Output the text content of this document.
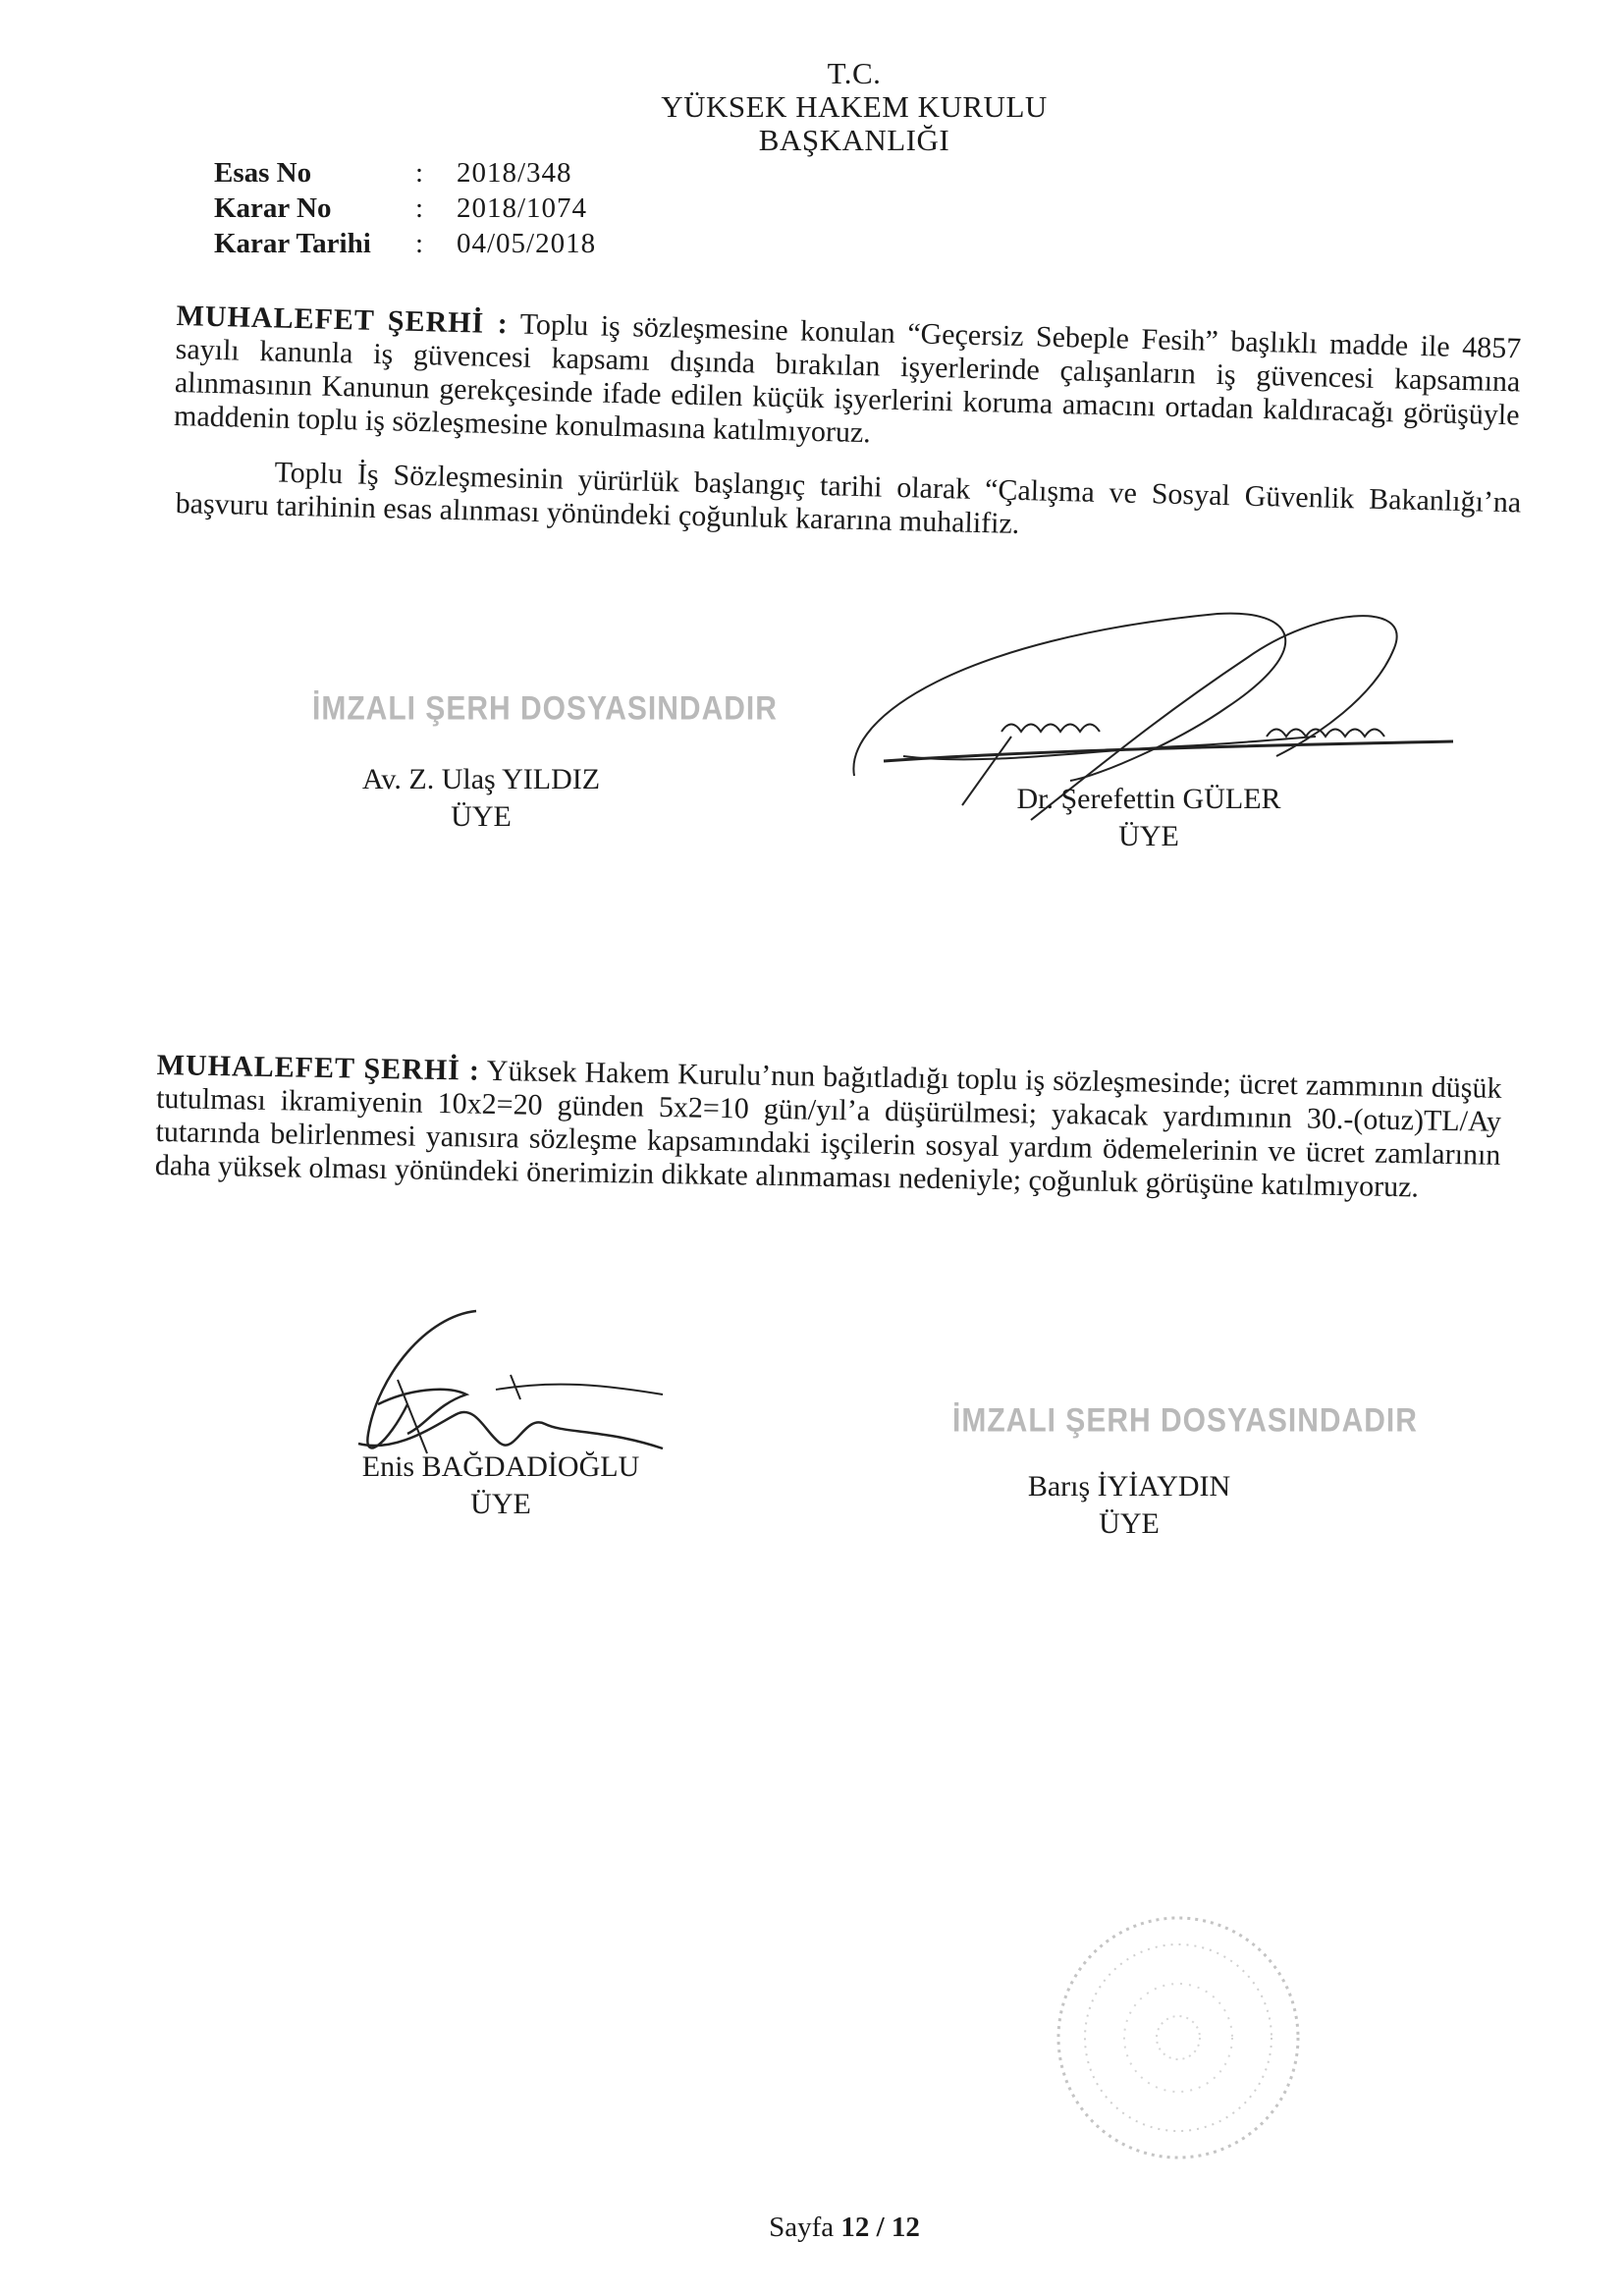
T.C.
YÜKSEK HAKEM KURULU
BAŞKANLIĞI
Esas No	:	2018/348
Karar No	:	2018/1074
Karar Tarihi	:	04/05/2018
MUHALEFET ŞERHİ : Toplu iş sözleşmesine konulan “Geçersiz Sebeple Fesih” başlıklı madde ile 4857 sayılı kanunla iş güvencesi kapsamı dışında bırakılan işyerlerinde çalışanların iş güvencesi kapsamına alınmasının Kanunun gerekçesinde ifade edilen küçük işyerlerini koruma amacını ortadan kaldıracağı görüşüyle maddenin toplu iş sözleşmesine konulmasına katılmıyoruz.
Toplu İş Sözleşmesinin yürürlük başlangıç tarihi olarak “Çalışma ve Sosyal Güvenlik Bakanlığı’na başvuru tarihinin esas alınması yönündeki çoğunluk kararına muhalifiz.
İMZALI ŞERH DOSYASINDADIR
Av. Z. Ulaş YILDIZ
ÜYE
Dr. Şerefettin GÜLER
ÜYE
MUHALEFET ŞERHİ : Yüksek Hakem Kurulu’nun bağıtladığı toplu iş sözleşmesinde; ücret zammının düşük tutulması ikramiyenin 10x2=20 günden 5x2=10 gün/yıl’a düşürülmesi; yakacak yardımının 30.-(otuz)TL/Ay tutarında belirlenmesi yanısıra sözleşme kapsamındaki işçilerin sosyal yardım ödemelerinin ve ücret zamlarının daha yüksek olması yönündeki önerimizin dikkate alınmaması nedeniyle; çoğunluk görüşüne katılmıyoruz.
İMZALI ŞERH DOSYASINDADIR
Enis BAĞDADİOĞLU
ÜYE
Barış İYİAYDIN
ÜYE
Sayfa 12 / 12
